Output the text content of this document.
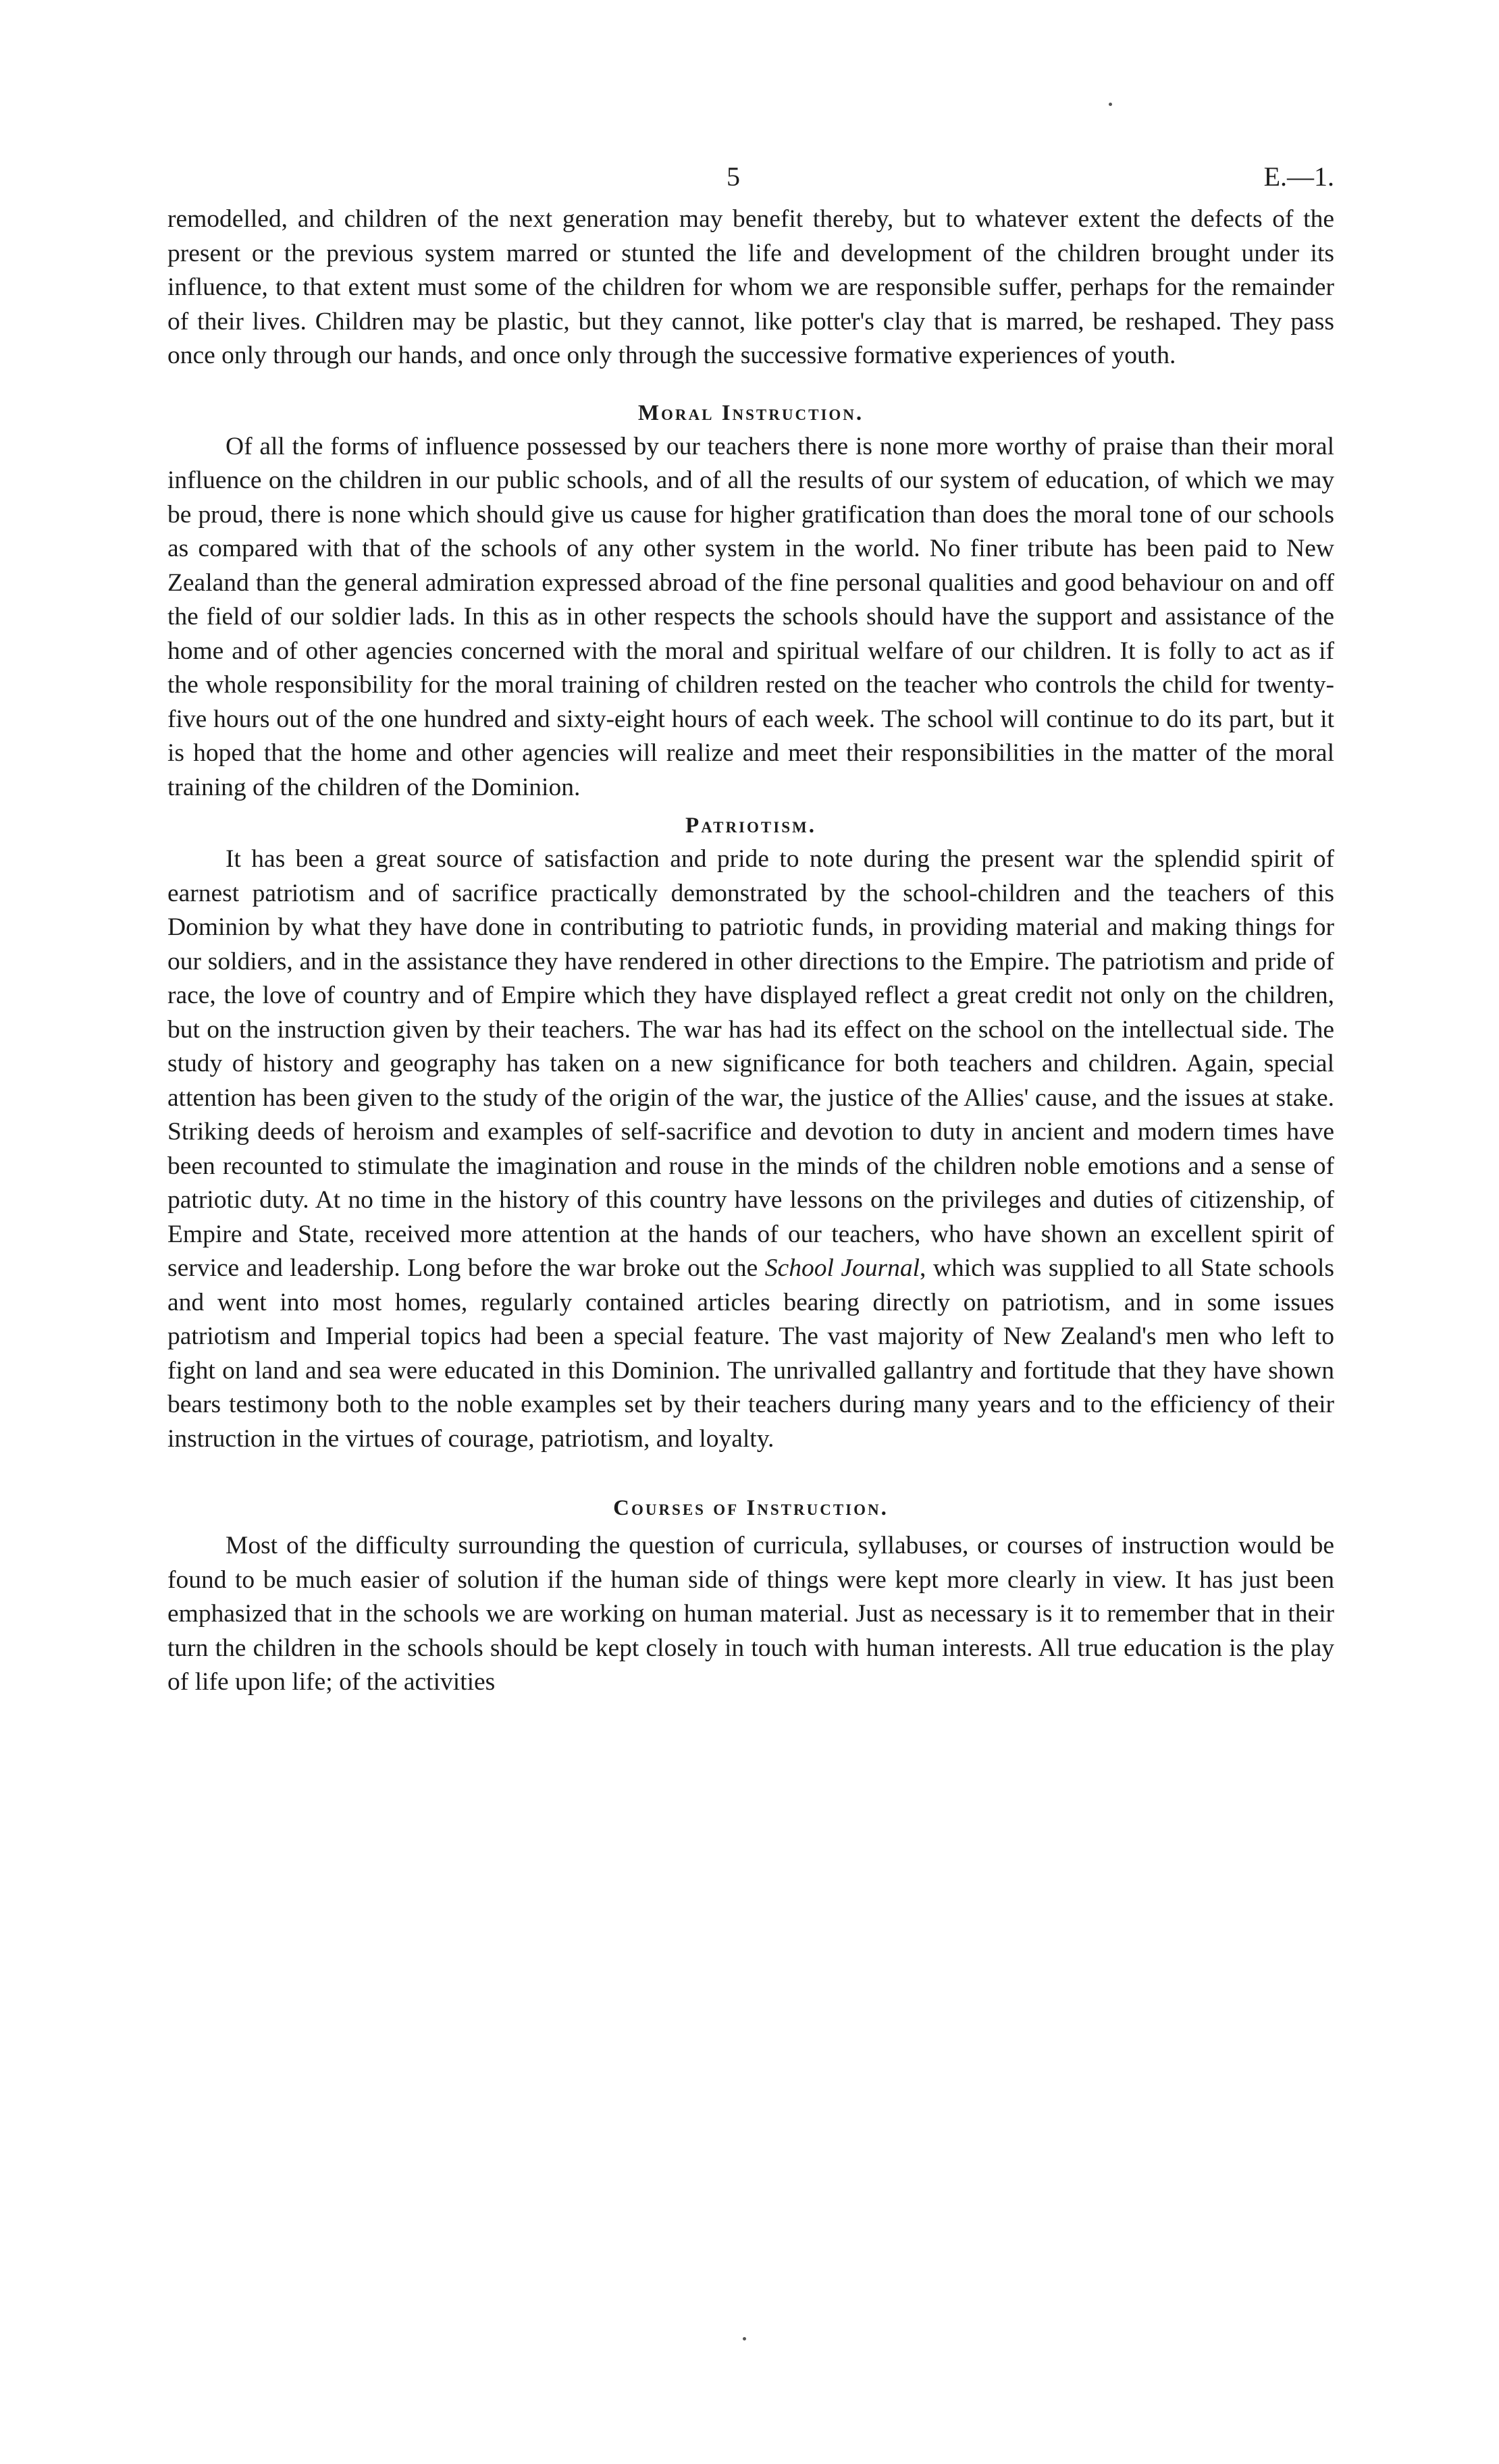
5	E.—1.

remodelled, and children of the next generation may benefit thereby, but to whatever extent the defects of the present or the previous system marred or stunted the life and development of the children brought under its influence, to that extent must some of the children for whom we are responsible suffer, perhaps for the remainder of their lives. Children may be plastic, but they cannot, like potter's clay that is marred, be reshaped. They pass once only through our hands, and once only through the successive formative experiences of youth.

Moral Instruction.

Of all the forms of influence possessed by our teachers there is none more worthy of praise than their moral influence on the children in our public schools, and of all the results of our system of education, of which we may be proud, there is none which should give us cause for higher gratification than does the moral tone of our schools as compared with that of the schools of any other system in the world. No finer tribute has been paid to New Zealand than the general admiration expressed abroad of the fine personal qualities and good behaviour on and off the field of our soldier lads. In this as in other respects the schools should have the support and assistance of the home and of other agencies concerned with the moral and spiritual welfare of our children. It is folly to act as if the whole responsibility for the moral training of children rested on the teacher who controls the child for twenty-five hours out of the one hundred and sixty-eight hours of each week. The school will continue to do its part, but it is hoped that the home and other agencies will realize and meet their responsibilities in the matter of the moral training of the children of the Dominion.

Patriotism.

It has been a great source of satisfaction and pride to note during the present war the splendid spirit of earnest patriotism and of sacrifice practically demonstrated by the school-children and the teachers of this Dominion by what they have done in contributing to patriotic funds, in providing material and making things for our soldiers, and in the assistance they have rendered in other directions to the Empire. The patriotism and pride of race, the love of country and of Empire which they have displayed reflect a great credit not only on the children, but on the instruction given by their teachers. The war has had its effect on the school on the intellectual side. The study of history and geography has taken on a new significance for both teachers and children. Again, special attention has been given to the study of the origin of the war, the justice of the Allies' cause, and the issues at stake. Striking deeds of heroism and examples of self-sacrifice and devotion to duty in ancient and modern times have been recounted to stimulate the imagination and rouse in the minds of the children noble emotions and a sense of patriotic duty. At no time in the history of this country have lessons on the privileges and duties of citizenship, of Empire and State, received more attention at the hands of our teachers, who have shown an excellent spirit of service and leadership. Long before the war broke out the School Journal, which was supplied to all State schools and went into most homes, regularly contained articles bearing directly on patriotism, and in some issues patriotism and Imperial topics had been a special feature. The vast majority of New Zealand's men who left to fight on land and sea were educated in this Dominion. The unrivalled gallantry and fortitude that they have shown bears testimony both to the noble examples set by their teachers during many years and to the efficiency of their instruction in the virtues of courage, patriotism, and loyalty.

Courses of Instruction.

Most of the difficulty surrounding the question of curricula, syllabuses, or courses of instruction would be found to be much easier of solution if the human side of things were kept more clearly in view. It has just been emphasized that in the schools we are working on human material. Just as necessary is it to remember that in their turn the children in the schools should be kept closely in touch with human interests. All true education is the play of life upon life; of the activities
